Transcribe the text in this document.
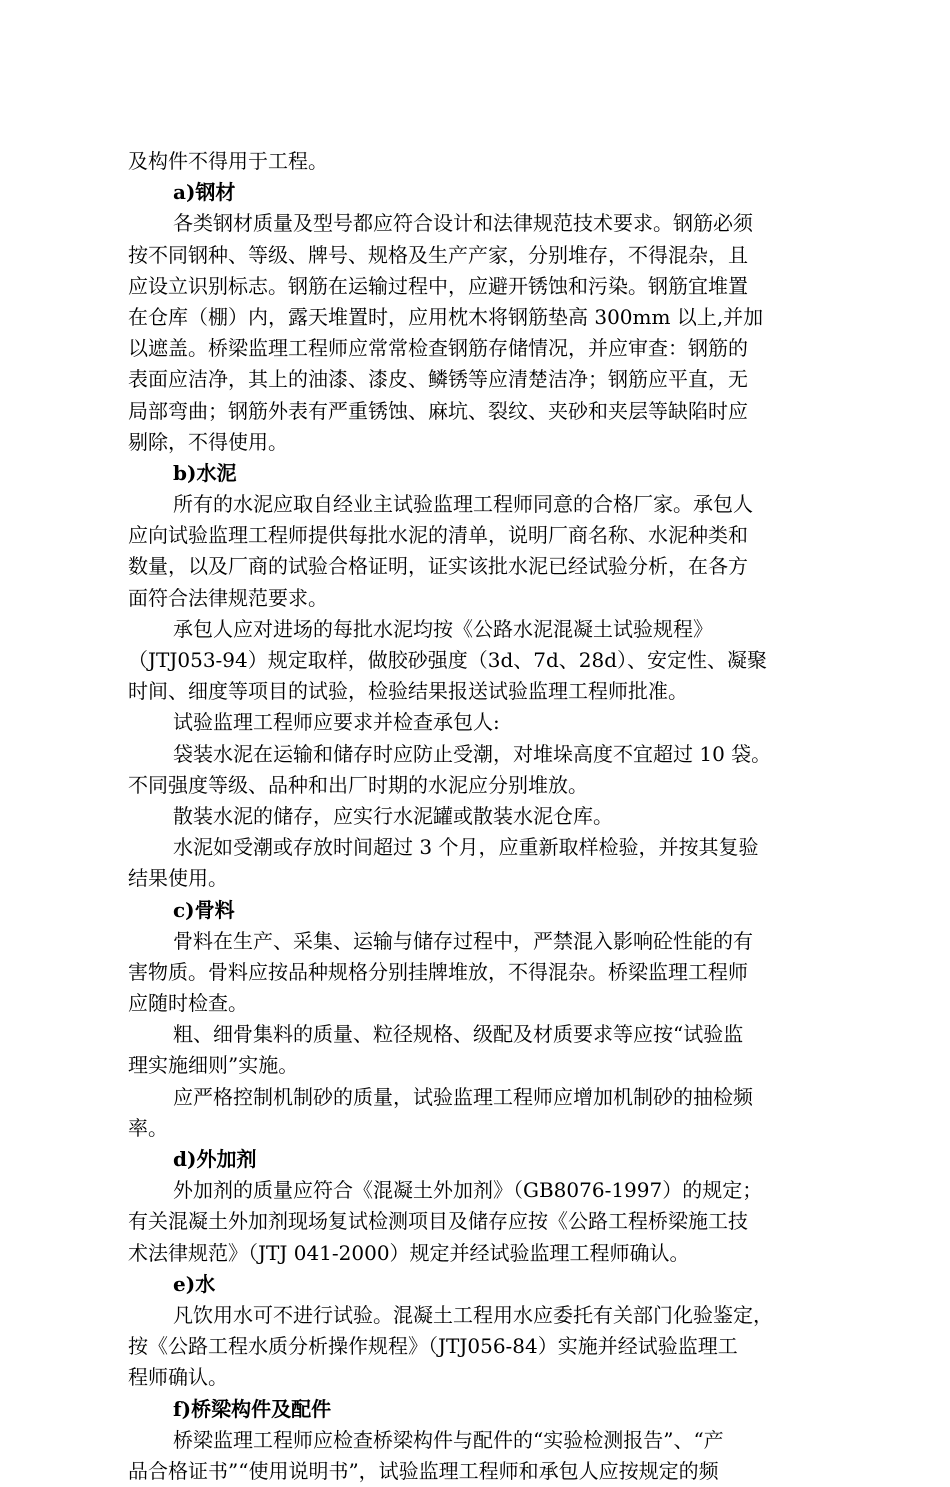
及构件不得用于工程。
a)钢材
各类钢材质量及型号都应符合设计和法律规范技术要求。钢筋必须
按不同钢种、等级、牌号、规格及生产产家，分别堆存，不得混杂，且
应设立识别标志。钢筋在运输过程中，应避开锈蚀和污染。钢筋宜堆置
在仓库（棚）内，露天堆置时，应用枕木将钢筋垫高 300mm 以上,并加
以遮盖。桥梁监理工程师应常常检查钢筋存储情况，并应审查：钢筋的
表面应洁净，其上的油漆、漆皮、鳞锈等应清楚洁净；钢筋应平直，无
局部弯曲；钢筋外表有严重锈蚀、麻坑、裂纹、夹砂和夹层等缺陷时应
剔除，不得使用。
b)水泥
所有的水泥应取自经业主试验监理工程师同意的合格厂家。承包人
应向试验监理工程师提供每批水泥的清单，说明厂商名称、水泥种类和
数量，以及厂商的试验合格证明，证实该批水泥已经试验分析，在各方
面符合法律规范要求。
承包人应对进场的每批水泥均按《公路水泥混凝土试验规程》
（JTJ053-94）规定取样，做胶砂强度（3d、7d、28d）、安定性、凝聚
时间、细度等项目的试验，检验结果报送试验监理工程师批准。
试验监理工程师应要求并检查承包人:
袋装水泥在运输和储存时应防止受潮，对堆垛高度不宜超过 10 袋。
不同强度等级、品种和出厂时期的水泥应分别堆放。
散装水泥的储存，应实行水泥罐或散装水泥仓库。
水泥如受潮或存放时间超过 3 个月，应重新取样检验，并按其复验
结果使用。
c)骨料
骨料在生产、采集、运输与储存过程中，严禁混入影响砼性能的有
害物质。骨料应按品种规格分别挂牌堆放，不得混杂。桥梁监理工程师
应随时检查。
粗、细骨集料的质量、粒径规格、级配及材质要求等应按“试验监
理实施细则”实施。
应严格控制机制砂的质量，试验监理工程师应增加机制砂的抽检频
率。
d)外加剂
外加剂的质量应符合《混凝土外加剂》（GB8076-1997）的规定；
有关混凝土外加剂现场复试检测项目及储存应按《公路工程桥梁施工技
术法律规范》（JTJ 041-2000）规定并经试验监理工程师确认。
e)水
凡饮用水可不进行试验。混凝土工程用水应委托有关部门化验鉴定，
按《公路工程水质分析操作规程》（JTJ056-84）实施并经试验监理工
程师确认。
f)桥梁构件及配件
桥梁监理工程师应检查桥梁构件与配件的“实验检测报告”、“产
品合格证书”“使用说明书”，试验监理工程师和承包人应按规定的频
